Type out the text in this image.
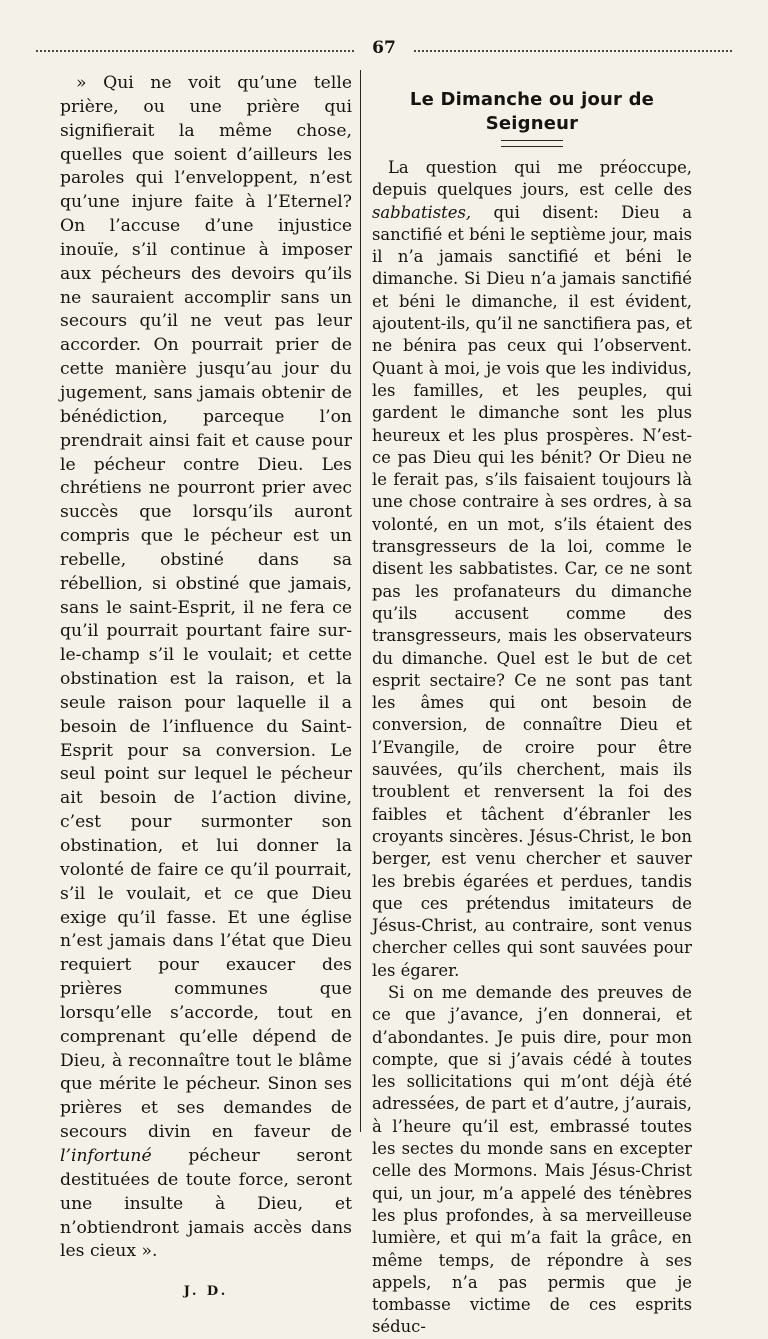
67

» Qui ne voit qu’une telle prière, ou une prière qui signifierait la même chose, quelles que soient d’ailleurs les paroles qui l’enveloppent, n’est qu’une injure faite à l’Eternel? On l’accuse d’une injustice inouïe, s’il continue à imposer aux pécheurs des devoirs qu’ils ne sauraient accomplir sans un secours qu’il ne veut pas leur accorder. On pourrait prier de cette manière jusqu’au jour du jugement, sans jamais obtenir de bénédiction, parceque l’on prendrait ainsi fait et cause pour le pécheur contre Dieu. Les chrétiens ne pourront prier avec succès que lorsqu’ils auront compris que le pécheur est un rebelle, obstiné dans sa rébellion, si obstiné que jamais, sans le saint-Esprit, il ne fera ce qu’il pourrait pourtant faire sur-le-champ s’il le voulait; et cette obstination est la raison, et la seule raison pour laquelle il a besoin de l’influence du Saint-Esprit pour sa conversion. Le seul point sur lequel le pécheur ait besoin de l’action divine, c’est pour surmonter son obstination, et lui donner la volonté de faire ce qu’il pourrait, s’il le voulait, et ce que Dieu exige qu’il fasse. Et une église n’est jamais dans l’état que Dieu requiert pour exaucer des prières communes que lorsqu’elle s’accorde, tout en comprenant qu’elle dépend de Dieu, à reconnaître tout le blâme que mérite le pécheur. Sinon ses prières et ses demandes de secours divin en faveur de l’infortuné pécheur seront destituées de toute force, seront une insulte à Dieu, et n’obtiendront jamais accès dans les cieux ».

J. D.
Le Dimanche ou jour de Seigneur

La question qui me préoccupe, depuis quelques jours, est celle des sabbatistes, qui disent: Dieu a sanctifié et béni le septième jour, mais il n’a jamais sanctifié et béni le dimanche. Si Dieu n’a jamais sanctifié et béni le dimanche, il est évident, ajoutent-ils, qu’il ne sanctifiera pas, et ne bénira pas ceux qui l’observent. Quant à moi, je vois que les individus, les familles, et les peuples, qui gardent le dimanche sont les plus heureux et les plus prospères. N’est-ce pas Dieu qui les bénit? Or Dieu ne le ferait pas, s’ils faisaient toujours là une chose contraire à ses ordres, à sa volonté, en un mot, s’ils étaient des transgresseurs de la loi, comme le disent les sabbatistes. Car, ce ne sont pas les profanateurs du dimanche qu’ils accusent comme des transgresseurs, mais les observateurs du dimanche. Quel est le but de cet esprit sectaire? Ce ne sont pas tant les âmes qui ont besoin de conversion, de connaître Dieu et l’Evangile, de croire pour être sauvées, qu’ils cherchent, mais ils troublent et renversent la foi des faibles et tâchent d’ébranler les croyants sincères. Jésus-Christ, le bon berger, est venu chercher et sauver les brebis égarées et perdues, tandis que ces prétendus imitateurs de Jésus-Christ, au contraire, sont venus chercher celles qui sont sauvées pour les égarer.

Si on me demande des preuves de ce que j’avance, j’en donnerai, et d’abondantes. Je puis dire, pour mon compte, que si j’avais cédé à toutes les sollicitations qui m’ont déjà été adressées, de part et d’autre, j’aurais, à l’heure qu’il est, embrassé toutes les sectes du monde sans en excepter celle des Mormons. Mais Jésus-Christ qui, un jour, m’a appelé des ténèbres les plus profondes, à sa merveilleuse lumière, et qui m’a fait la grâce, en même temps, de répondre à ses appels, n’a pas permis que je tombasse victime de ces esprits séduc-
